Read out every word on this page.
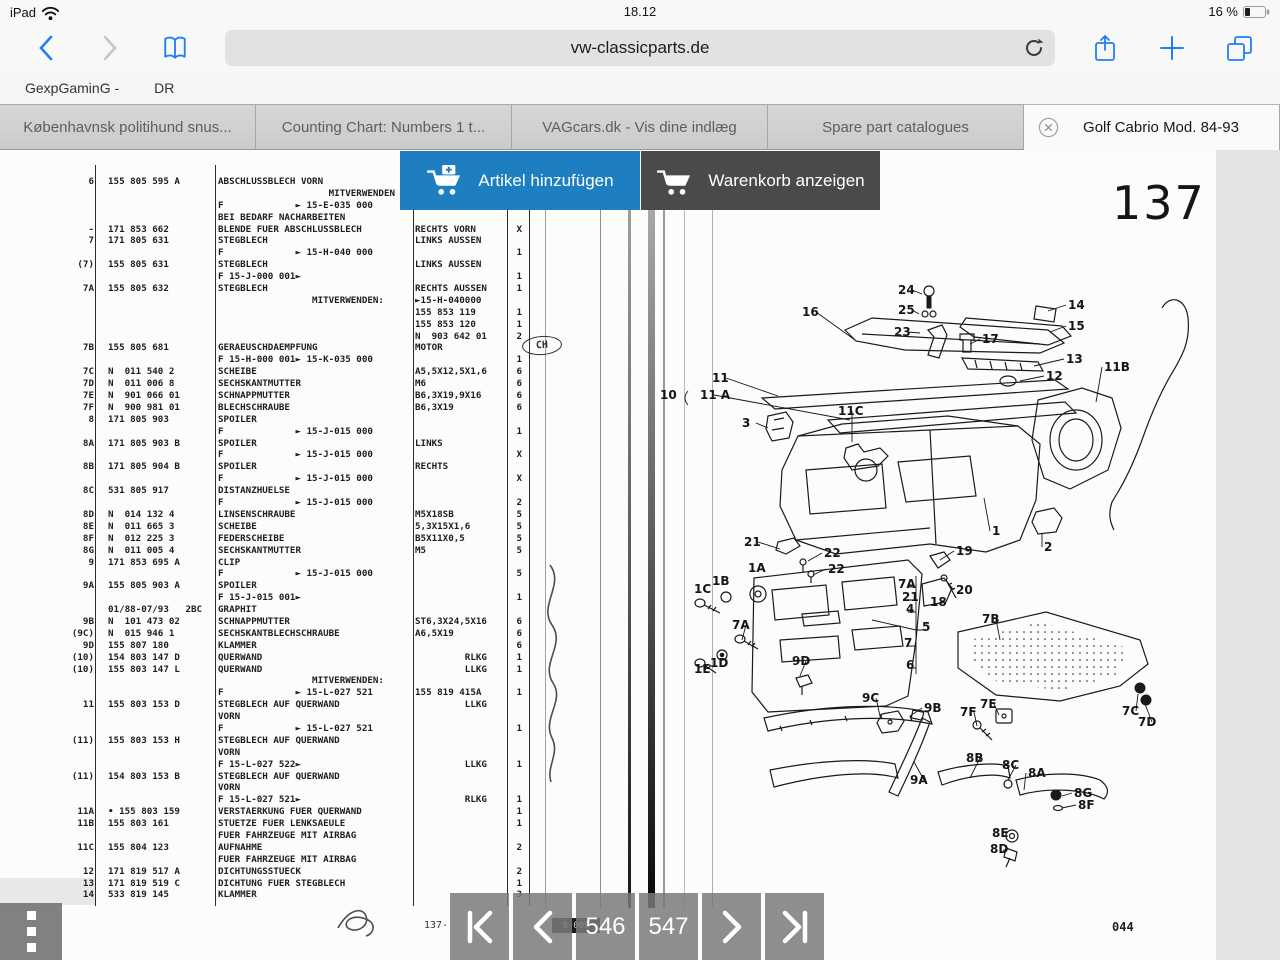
iPad	18.12	16 %
vw-classicparts.de
GexpGaminG -	DR
Københavnsk politihund snus...	Counting Chart: Numbers 1 t...	VAGcars.dk - Vis dine indlæg	Spare part catalogues	Golf Cabrio Mod. 84-93
Artikel hinzufügen	Warenkorb anzeigen	137
6	155 805 595 A	ABSCHLUSSBLECH VORN
MITVERWENDEN
F             ► 15-E-035 000
BEI BEDARF NACHARBEITEN
-	171 853 662	BLENDE FUER ABSCHLUSSBLECH	RECHTS VORN	X
7	171 805 631	STEGBLECH	LINKS AUSSEN
F             ► 15-H-040 000	1
(7)	155 805 631	STEGBLECH	LINKS AUSSEN
F 15-J-000 001►	1
7A	155 805 632	STEGBLECH	RECHTS AUSSEN	1
MITVERWENDEN:	►15-H-040000
155 853 119	1
155 853 120	1
N  903 642 01	2
7B	155 805 681	GERAEUSCHDAEMPFUNG	MOTOR
F 15-H-000 001► 15-K-035 000	1
7C	N  011 540 2	SCHEIBE	A5,5X12,5X1,6	6
7D	N  011 006 8	SECHSKANTMUTTER	M6	6
7E	N  901 066 01	SCHNAPPMUTTER	B6,3X19,9X16	6
7F	N  900 981 01	BLECHSCHRAUBE	B6,3X19	6
8	171 805 903	SPOILER
F             ► 15-J-015 000	1
8A	171 805 903 B	SPOILER	LINKS
F             ► 15-J-015 000	X
8B	171 805 904 B	SPOILER	RECHTS
F             ► 15-J-015 000	X
8C	531 805 917	DISTANZHUELSE
F             ► 15-J-015 000	2
8D	N  014 132 4	LINSENSCHRAUBE	M5X18SB	5
8E	N  011 665 3	SCHEIBE	5,3X15X1,6	5
8F	N  012 225 3	FEDERSCHEIBE	B5X11X0,5	5
8G	N  011 005 4	SECHSKANTMUTTER	M5	5
9	171 853 695 A	CLIP
F             ► 15-J-015 000	5
9A	155 805 903 A	SPOILER
F 15-J-015 001►	1
01/88-07/93   2BC	GRAPHIT
9B	N  101 473 02	SCHNAPPMUTTER	ST6,3X24,5X16	6
(9C)	N  015 946 1	SECHSKANTBLECHSCHRAUBE	A6,5X19	6
9D	155 807 180	KLAMMER	6
(10)	154 803 147 D	QUERWAND	RLKG	1
(10)	155 803 147 L	QUERWAND	LLKG	1
MITVERWENDEN:
F             ► 15-L-027 521	155 819 415A	1
11	155 803 153 D	STEGBLECH AUF QUERWAND	LLKG
VORN
F             ► 15-L-027 521	1
(11)	155 803 153 H	STEGBLECH AUF QUERWAND
VORN
F 15-L-027 522►	LLKG	1
(11)	154 803 153 B	STEGBLECH AUF QUERWAND
VORN
F 15-L-027 521►	RLKG	1
11A	• 155 803 159	VERSTAERKUNG FUER QUERWAND	1
11B	155 803 161	STUETZE FUER LENKSAEULE	1
FUER FAHRZEUGE MIT AIRBAG
11C	155 804 123	AUFNAHME	2
FUER FAHRZEUGE MIT AIRBAG
12	171 819 517 A	DICHTUNGSSTUECK	2
13	171 819 519 C	DICHTUNG FUER STEGBLECH	1
14	533 819 145	KLAMMER
CH
16
24
25
23
14
15
17
13
12
11B
11
10 11 A
11C
3
1
2
21
22
22
1A
1B
1C
7A
1E 1D	9D
19
20
18
7A
21
4
5
7
6
7B
9C
9B 7F
7E	7C
7D
9A
8B 8C
8A
8G
8F
8E
8D
137-	044
546 547
